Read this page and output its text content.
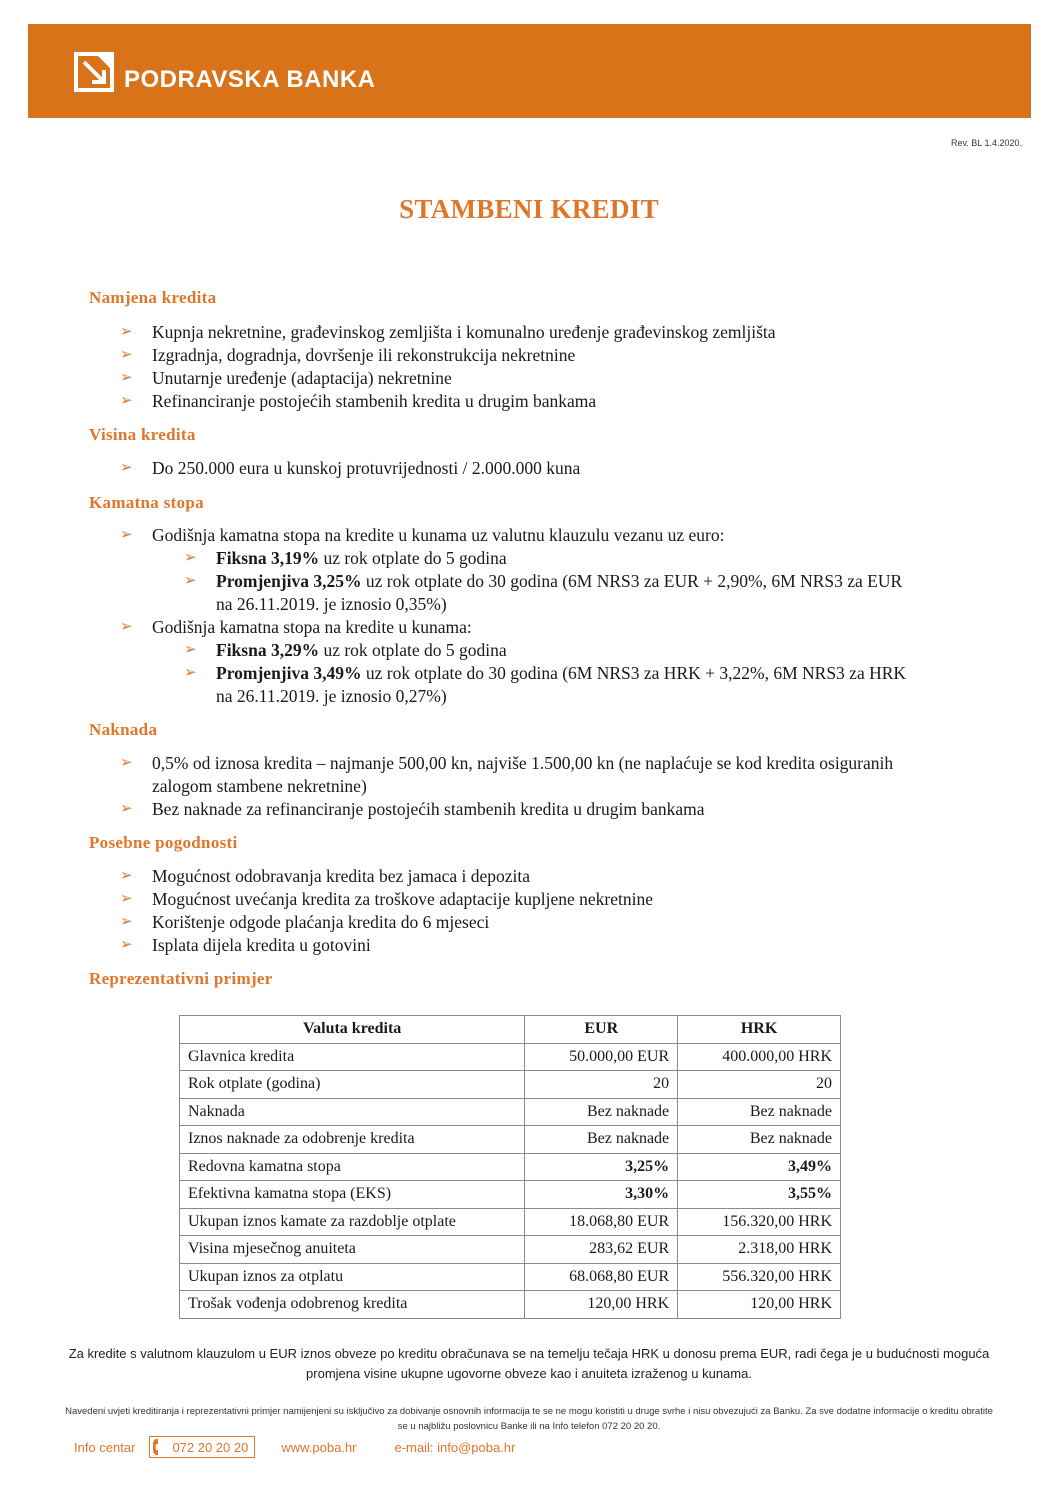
PODRAVSKA BANKA
Rev. BL 1.4.2020.
STAMBENI KREDIT
Namjena kredita
➢ Kupnja nekretnine, građevinskog zemljišta i komunalno uređenje građevinskog zemljišta
➢ Izgradnja, dogradnja, dovršenje ili rekonstrukcija nekretnine
➢ Unutarnje uređenje (adaptacija) nekretnine
➢ Refinanciranje postojećih stambenih kredita u drugim bankama
Visina kredita
➢ Do 250.000 eura u kunskoj protuvrijednosti / 2.000.000 kuna
Kamatna stopa
➢ Godišnja kamatna stopa na kredite u kunama uz valutnu klauzulu vezanu uz euro:
➢ Fiksna 3,19% uz rok otplate do 5 godina
➢ Promjenjiva 3,25% uz rok otplate do 30 godina (6M NRS3 za EUR + 2,90%, 6M NRS3 za EUR na 26.11.2019. je iznosio 0,35%)
➢ Godišnja kamatna stopa na kredite u kunama:
➢ Fiksna 3,29% uz rok otplate do 5 godina
➢ Promjenjiva 3,49% uz rok otplate do 30 godina (6M NRS3 za HRK + 3,22%, 6M NRS3 za HRK na 26.11.2019. je iznosio 0,27%)
Naknada
➢ 0,5% od iznosa kredita – najmanje 500,00 kn, najviše 1.500,00 kn (ne naplaćuje se kod kredita osiguranih zalogom stambene nekretnine)
➢ Bez naknade za refinanciranje postojećih stambenih kredita u drugim bankama
Posebne pogodnosti
➢ Mogućnost odobravanja kredita bez jamaca i depozita
➢ Mogućnost uvećanja kredita za troškove adaptacije kupljene nekretnine
➢ Korištenje odgode plaćanja kredita do 6 mjeseci
➢ Isplata dijela kredita u gotovini
Reprezentativni primjer
Valuta kredita	EUR	HRK
Glavnica kredita	50.000,00 EUR	400.000,00 HRK
Rok otplate (godina)	20	20
Naknada	Bez naknade	Bez naknade
Iznos naknade za odobrenje kredita	Bez naknade	Bez naknade
Redovna kamatna stopa	3,25%	3,49%
Efektivna kamatna stopa (EKS)	3,30%	3,55%
Ukupan iznos kamate za razdoblje otplate	18.068,80 EUR	156.320,00 HRK
Visina mjesečnog anuiteta	283,62 EUR	2.318,00 HRK
Ukupan iznos za otplatu	68.068,80 EUR	556.320,00 HRK
Trošak vođenja odobrenog kredita	120,00 HRK	120,00 HRK
Za kredite s valutnom klauzulom u EUR iznos obveze po kreditu obračunava se na temelju tečaja HRK u donosu prema EUR, radi čega je u budućnosti moguća promjena visine ukupne ugovorne obveze kao i anuiteta izraženog u kunama.
Navedeni uvjeti kreditiranja i reprezentativni primjer namijenjeni su isključivo za dobivanje osnovnih informacija te se ne mogu koristiti u druge svrhe i nisu obvezujući za Banku. Za sve dodatne informacije o kreditu obratite se u najbližu poslovnicu Banke ili na Info telefon 072 20 20 20.
Info centar	072 20 20 20	www.poba.hr	e-mail: info@poba.hr
